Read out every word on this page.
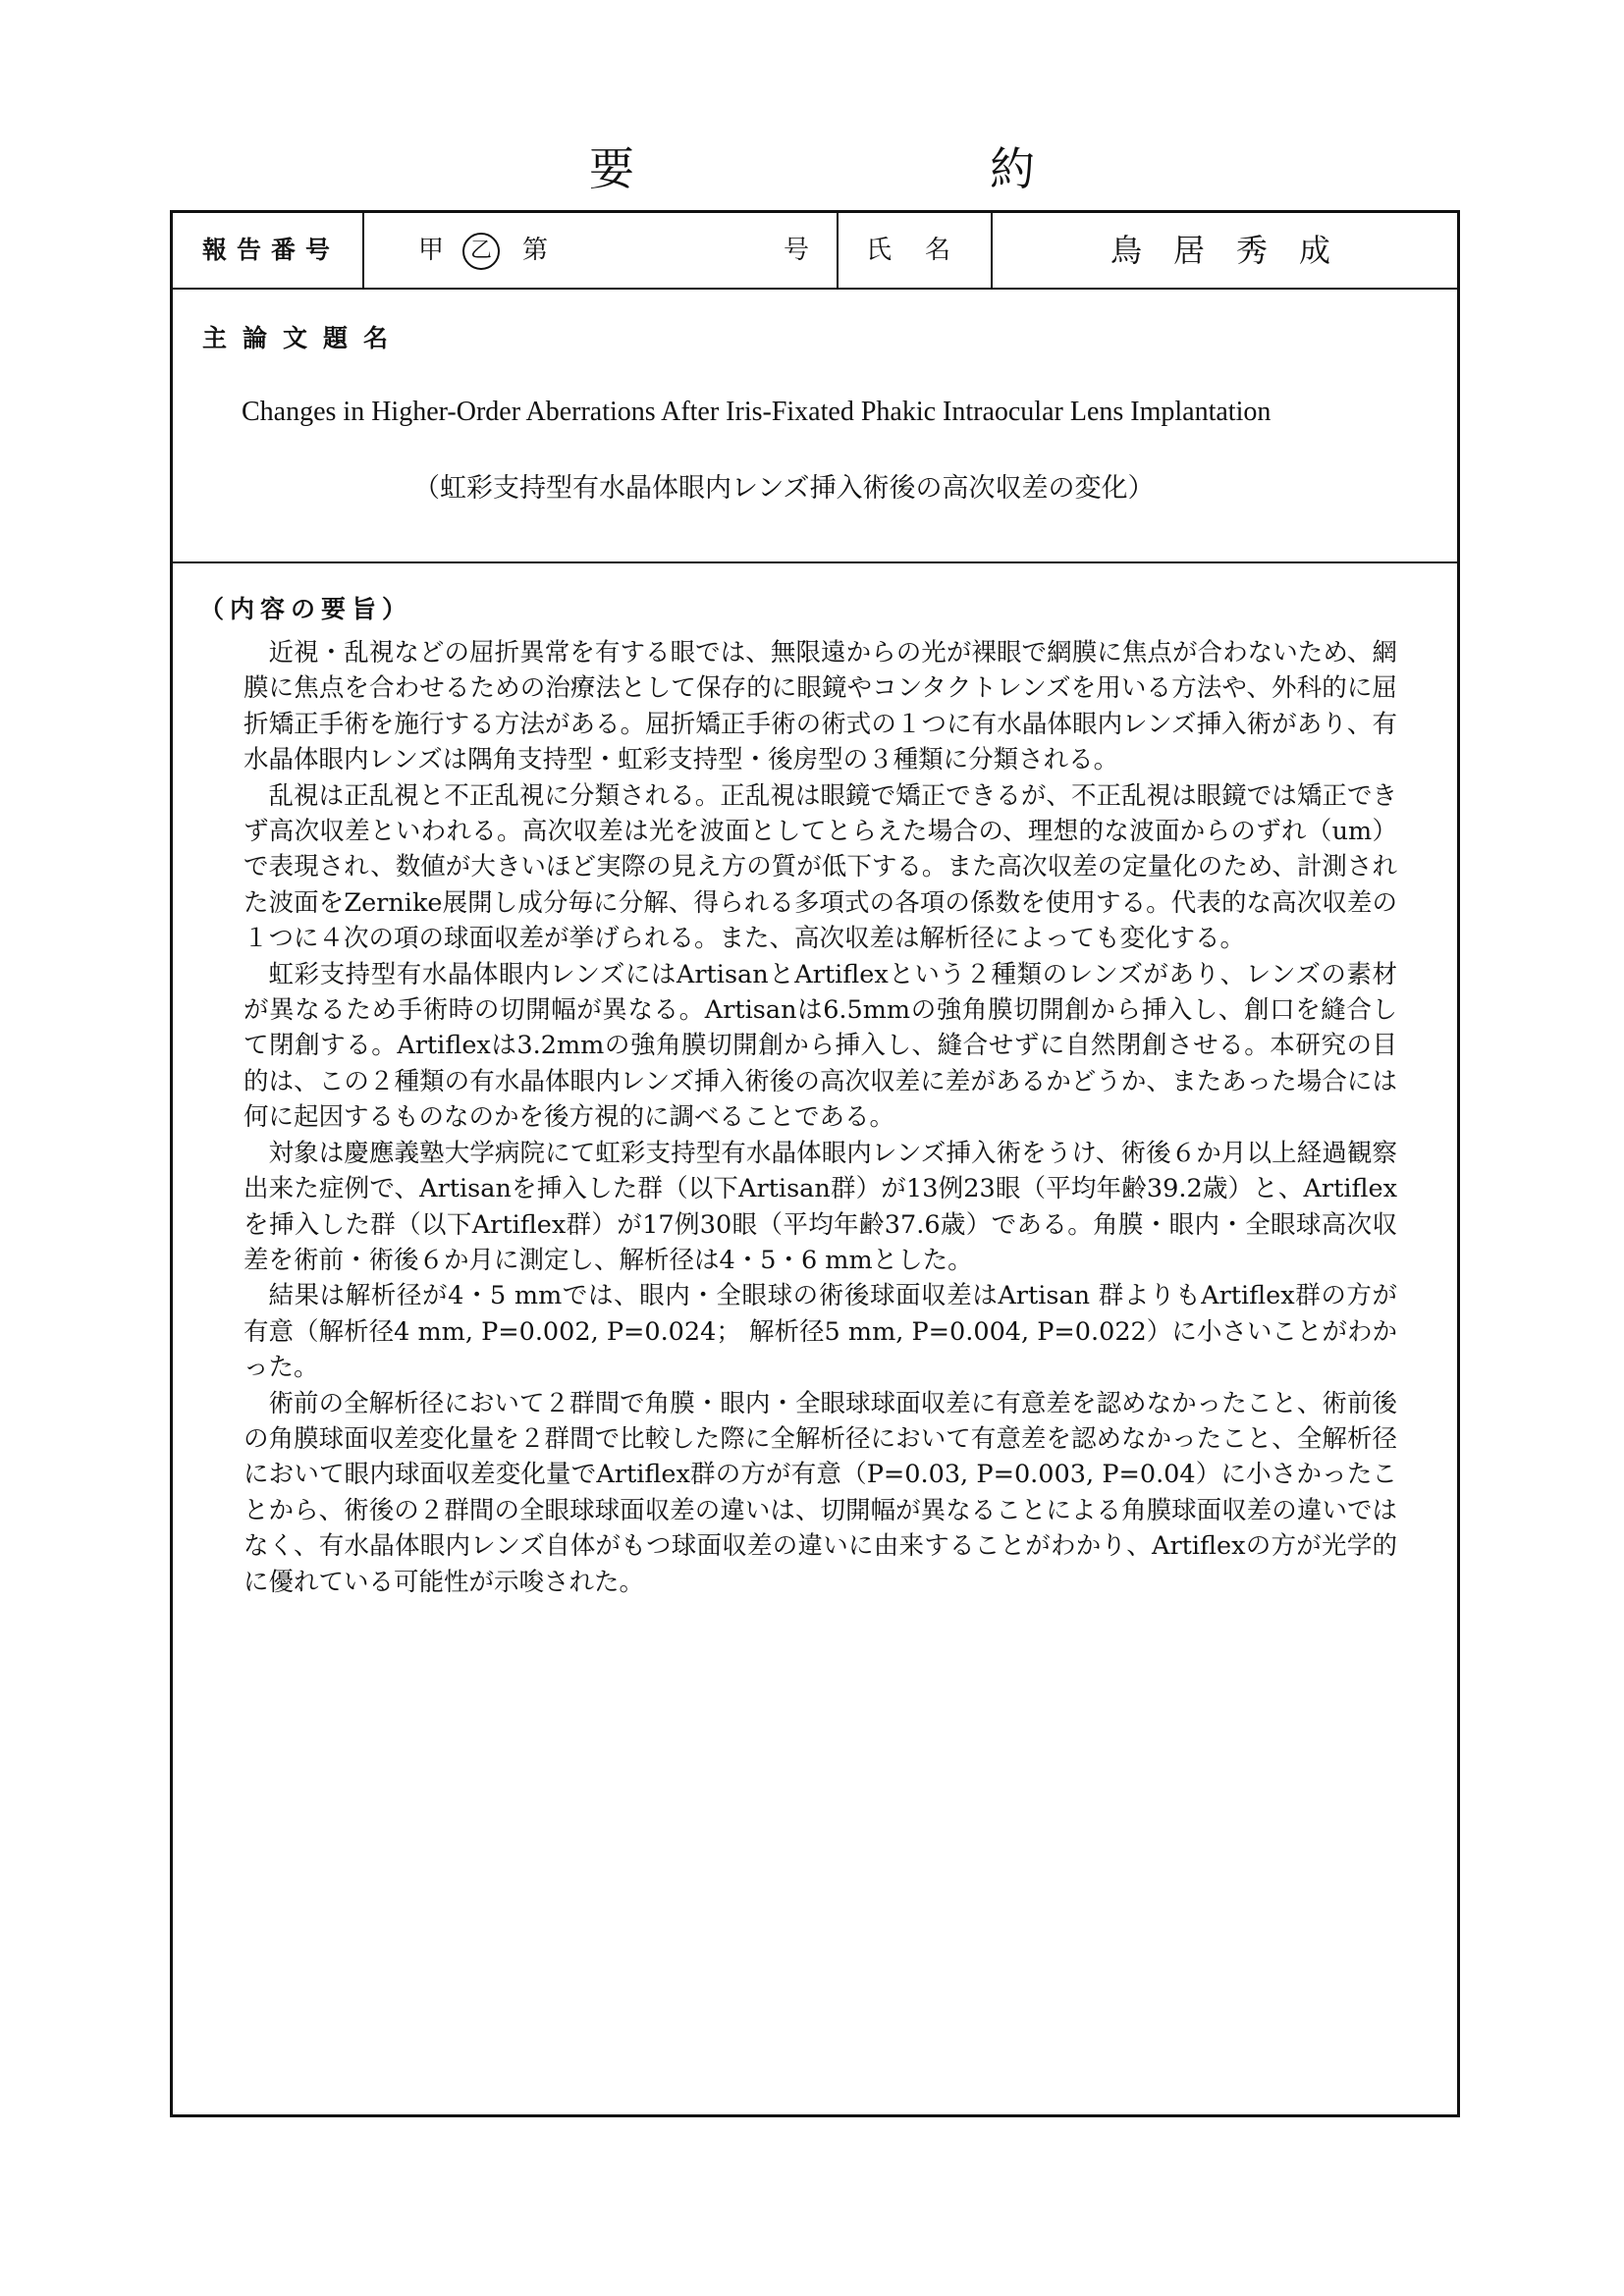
要	約
報告番号	甲	乙	第	号 氏　名	鳥　居　秀　成
主論文題名
Changes in Higher-Order Aberrations After Iris-Fixated Phakic Intraocular Lens Implantation
（虹彩支持型有水晶体眼内レンズ挿入術後の高次収差の変化）
（内容の要旨）

近視・乱視などの屈折異常を有する眼では、無限遠からの光が裸眼で網膜に焦点が合わないため、網膜に焦点を合わせるための治療法として保存的に眼鏡やコンタクトレンズを用いる方法や、外科的に屈折矯正手術を施行する方法がある。屈折矯正手術の術式の１つに有水晶体眼内レンズ挿入術があり、有水晶体眼内レンズは隅角支持型・虹彩支持型・後房型の３種類に分類される。

乱視は正乱視と不正乱視に分類される。正乱視は眼鏡で矯正できるが、不正乱視は眼鏡では矯正できず高次収差といわれる。高次収差は光を波面としてとらえた場合の、理想的な波面からのずれ（um）で表現され、数値が大きいほど実際の見え方の質が低下する。また高次収差の定量化のため、計測された波面をZernike展開し成分毎に分解、得られる多項式の各項の係数を使用する。代表的な高次収差の１つに４次の項の球面収差が挙げられる。また、高次収差は解析径によっても変化する。

虹彩支持型有水晶体眼内レンズにはArtisanとArtiflexという２種類のレンズがあり、レンズの素材が異なるため手術時の切開幅が異なる。Artisanは6.5mmの強角膜切開創から挿入し、創口を縫合して閉創する。Artiflexは3.2mmの強角膜切開創から挿入し、縫合せずに自然閉創させる。本研究の目的は、この２種類の有水晶体眼内レンズ挿入術後の高次収差に差があるかどうか、またあった場合には何に起因するものなのかを後方視的に調べることである。

対象は慶應義塾大学病院にて虹彩支持型有水晶体眼内レンズ挿入術をうけ、術後６か月以上経過観察出来た症例で、Artisanを挿入した群（以下Artisan群）が13例23眼（平均年齢39.2歳）と、Artiflexを挿入した群（以下Artiflex群）が17例30眼（平均年齢37.6歳）である。角膜・眼内・全眼球高次収差を術前・術後６か月に測定し、解析径は4・5・6 mmとした。

結果は解析径が4・5 mmでは、眼内・全眼球の術後球面収差はArtisan 群よりもArtiflex群の方が有意（解析径4 mm, P=0.002, P=0.024； 解析径5 mm, P=0.004, P=0.022）に小さいことがわかった。

術前の全解析径において２群間で角膜・眼内・全眼球球面収差に有意差を認めなかったこと、術前後の角膜球面収差変化量を２群間で比較した際に全解析径において有意差を認めなかったこと、全解析径において眼内球面収差変化量でArtiflex群の方が有意（P=0.03, P=0.003, P=0.04）に小さかったことから、術後の２群間の全眼球球面収差の違いは、切開幅が異なることによる角膜球面収差の違いではなく、有水晶体眼内レンズ自体がもつ球面収差の違いに由来することがわかり、Artiflexの方が光学的に優れている可能性が示唆された。
